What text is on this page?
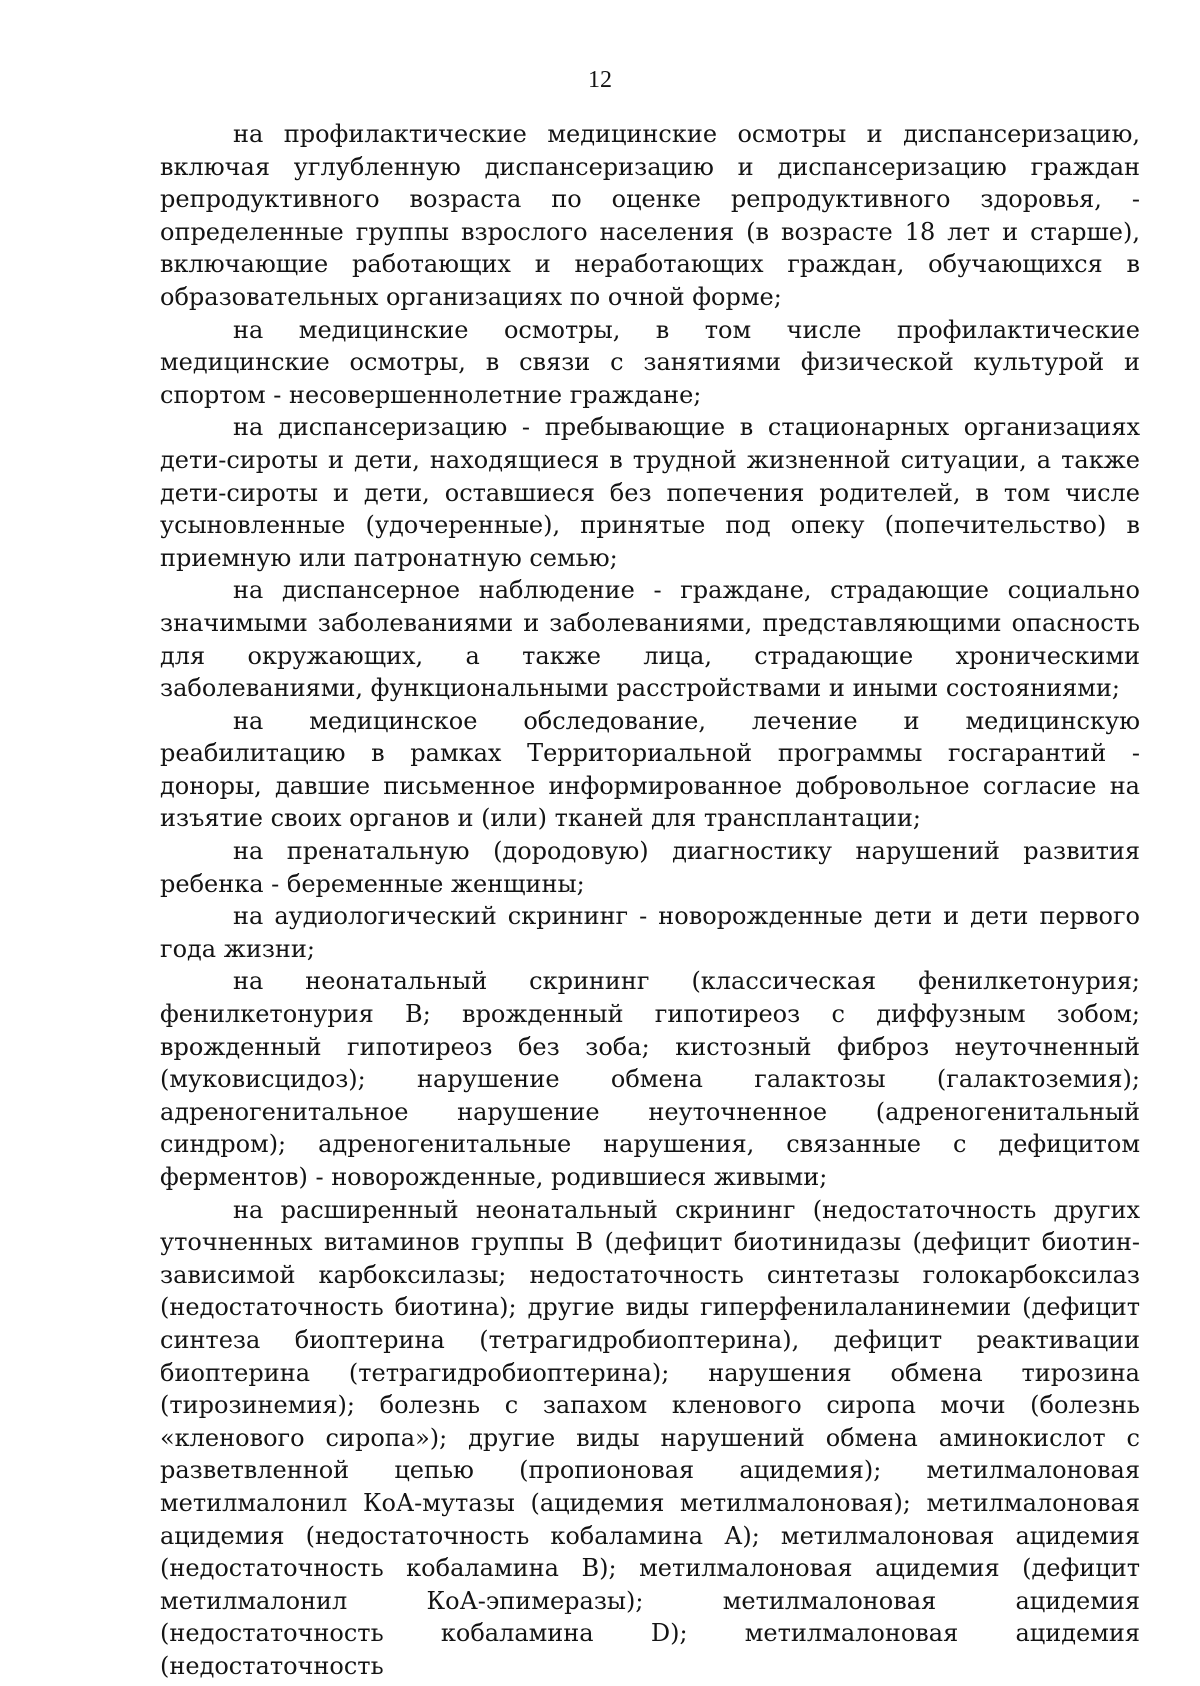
12

на профилактические медицинские осмотры и диспансеризацию, включая углубленную диспансеризацию и диспансеризацию граждан репродуктивного возраста по оценке репродуктивного здоровья, - определенные группы взрослого населения (в возрасте 18 лет и старше), включающие работающих и неработающих граждан, обучающихся в образовательных организациях по очной форме;

на медицинские осмотры, в том числе профилактические медицинские осмотры, в связи с занятиями физической культурой и спортом - несовершеннолетние граждане;

на диспансеризацию - пребывающие в стационарных организациях дети-сироты и дети, находящиеся в трудной жизненной ситуации, а также дети-сироты и дети, оставшиеся без попечения родителей, в том числе усыновленные (удочеренные), принятые под опеку (попечительство) в приемную или патронатную семью;

на диспансерное наблюдение - граждане, страдающие социально значимыми заболеваниями и заболеваниями, представляющими опасность для окружающих, а также лица, страдающие хроническими заболеваниями, функциональными расстройствами и иными состояниями;

на медицинское обследование, лечение и медицинскую реабилитацию в рамках Территориальной программы госгарантий - доноры, давшие письменное информированное добровольное согласие на изъятие своих органов и (или) тканей для трансплантации;

на пренатальную (дородовую) диагностику нарушений развития ребенка - беременные женщины;

на аудиологический скрининг - новорожденные дети и дети первого года жизни;

на неонатальный скрининг (классическая фенилкетонурия; фенилкетонурия В; врожденный гипотиреоз с диффузным зобом; врожденный гипотиреоз без зоба; кистозный фиброз неуточненный (муковисцидоз); нарушение обмена галактозы (галактоземия); адреногенитальное нарушение неуточненное (адреногенитальный синдром); адреногенитальные нарушения, связанные с дефицитом ферментов) - новорожденные, родившиеся живыми;

на расширенный неонатальный скрининг (недостаточность других уточненных витаминов группы В (дефицит биотинидазы (дефицит биотин-зависимой карбоксилазы; недостаточность синтетазы голокарбоксилаз (недостаточность биотина); другие виды гиперфенилаланинемии (дефицит синтеза биоптерина (тетрагидробиоптерина), дефицит реактивации биоптерина (тетрагидробиоптерина); нарушения обмена тирозина (тирозинемия); болезнь с запахом кленового сиропа мочи (болезнь «кленового сиропа»); другие виды нарушений обмена аминокислот с разветвленной цепью (пропионовая ацидемия); метилмалоновая метилмалонил КоА-мутазы (ацидемия метилмалоновая); метилмалоновая ацидемия (недостаточность кобаламина А); метилмалоновая ацидемия (недостаточность кобаламина В); метилмалоновая ацидемия (дефицит метилмалонил КоА-эпимеразы); метилмалоновая ацидемия (недостаточность кобаламина D); метилмалоновая ацидемия (недостаточность
